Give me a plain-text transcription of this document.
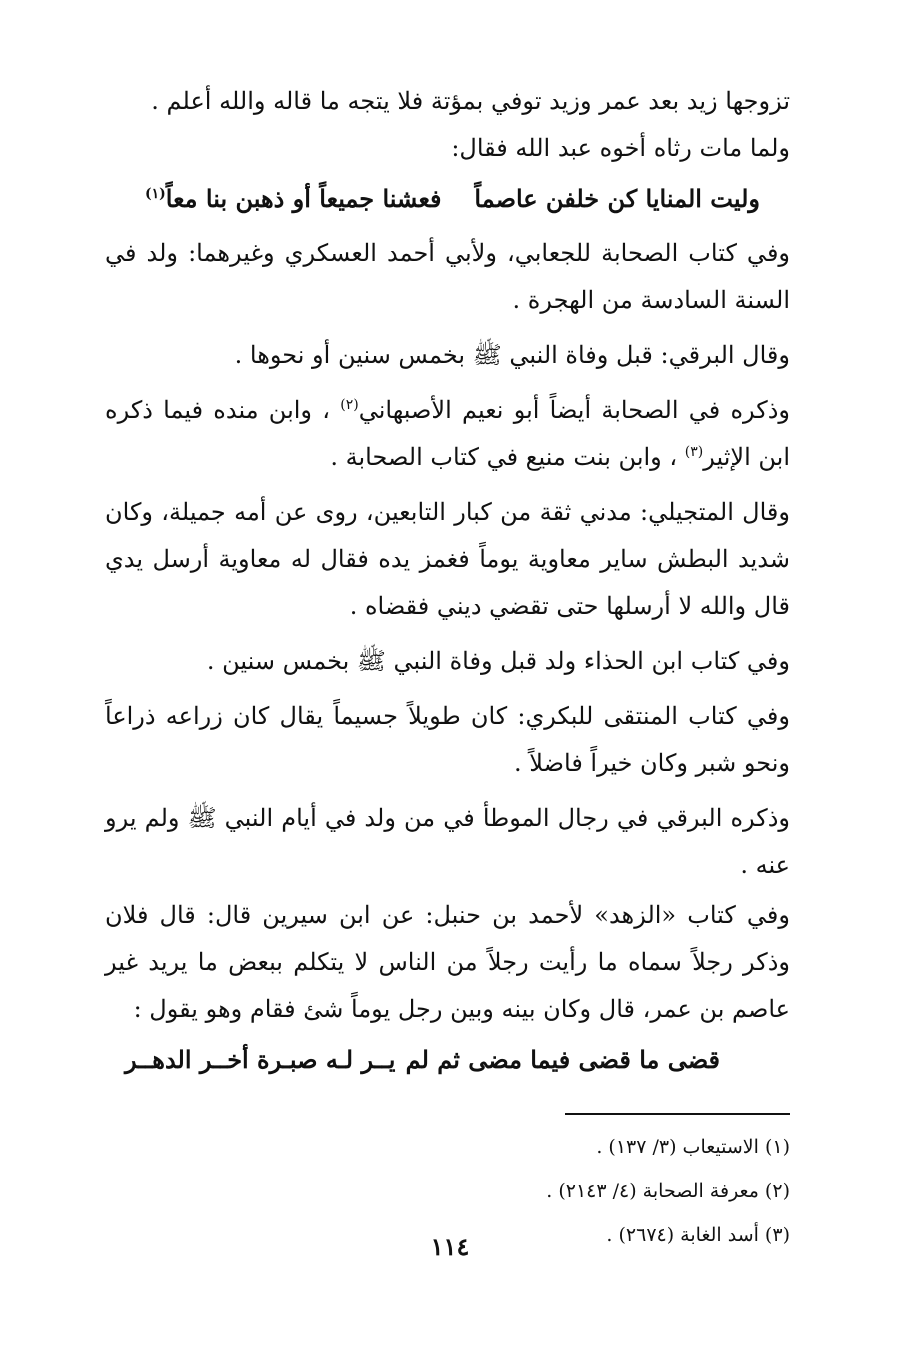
تزوجها زيد بعد عمر وزيد توفي بمؤتة فلا يتجه ما قاله والله أعلم .

ولما مات رثاه أخوه عبد الله فقال:

وليت المنايا كن خلفن عاصماً
فعشنا جميعاً أو ذهبن بنا معاً$^{(١)}$

وفي كتاب الصحابة للجعابي، ولأبي أحمد العسكري وغيرهما: ولد في السنة السادسة من الهجرة .

وقال البرقي: قبل وفاة النبي ﷺ بخمس سنين أو نحوها .

وذكره في الصحابة أيضاً أبو نعيم الأصبهاني$^{(٢)}$ ، وابن منده فيما ذكره ابن الإثير$^{(٣)}$ ، وابن بنت منيع في كتاب الصحابة .

وقال المتجيلي: مدني ثقة من كبار التابعين، روى عن أمه جميلة، وكان شديد البطش ساير معاوية يوماً فغمز يده فقال له معاوية أرسل يدي قال والله لا أرسلها حتى تقضي ديني فقضاه .

وفي كتاب ابن الحذاء ولد قبل وفاة النبي ﷺ بخمس سنين .

وفي كتاب المنتقى للبكري: كان طويلاً جسيماً يقال كان زراعه ذراعاً ونحو شبر وكان خيراً فاضلاً .

وذكره البرقي في رجال الموطأ في من ولد في أيام النبي ﷺ ولم يرو عنه .

وفي كتاب «الزهد» لأحمد بن حنبل: عن ابن سيرين قال: قال فلان وذكر رجلاً سماه ما رأيت رجلاً من الناس لا يتكلم ببعض ما يريد غير عاصم بن عمر، قال وكان بينه وبين رجل يوماً شئ فقام وهو يقول :

قضى ما قضى فيما مضى ثم لم
يــر لـه صبـرة أخــر الدهــر

(١) الاستيعاب (٣/ ١٣٧) .

(٢) معرفة الصحابة (٤/ ٢١٤٣) .

(٣) أسد الغابة (٢٦٧٤) .

١١٤
